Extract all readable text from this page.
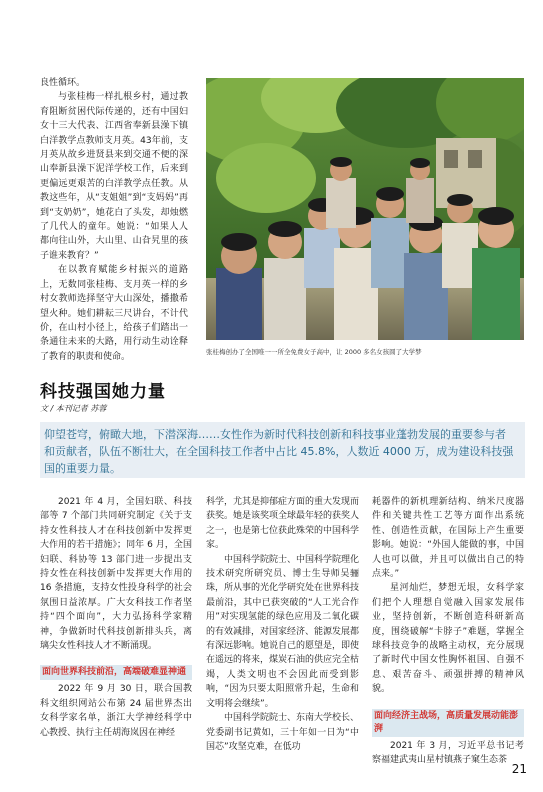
良性循环。

与张桂梅一样扎根乡村，通过教育阻断贫困代际传递的，还有中国妇女十三大代表、江西省奉新县澡下镇白洋教学点教师支月英。43年前，支月英从故乡进贤县来到交通不便的深山奉新县澡下泥洋学校工作，后来到更偏远更艰苦的白洋教学点任教。从教这些年，从“支姐姐”到“支妈妈”再到“支奶奶”，她花白了头发，却烛燃了几代人的童年。她说：“如果人人都向往山外，大山里、山旮旯里的孩子谁来教育？”

在以教育赋能乡村振兴的道路上，无数同张桂梅、支月英一样的乡村女教师选择坚守大山深处，播撒希望火种。她们耕耘三尺讲台，不计代价，在山村小径上，给孩子们踏出一条通往未来的大路，用行动生动诠释了教育的职责和使命。	张桂梅创办了全国唯一一所全免费女子高中，让 2000 多名女孩圆了大学梦
科技强国她力量
文 / 本刊记者 苏蓉
仰望苍穹，俯瞰大地，下潜深海……女性作为新时代科技创新和科技事业蓬勃发展的重要参与者和贡献者，队伍不断壮大，在全国科技工作者中占比 45.8%，人数近 4000 万，成为建设科技强国的重要力量。

2021 年 4 月，全国妇联、科技部等 7 个部门共同研究制定《关于支持女性科技人才在科技创新中发挥更大作用的若干措施》；同年 6 月，全国妇联、科协等 13 部门进一步提出支持女性在科技创新中发挥更大作用的 16 条措施，支持女性投身科学的社会氛围日益浓厚。广大女科技工作者坚持“四个面向”，大力弘扬科学家精神，争做新时代科技创新排头兵，离璃尖女性科技人才不断涌现。

面向世界科技前沿，高端破难显神通

2022 年 9 月 30 日，联合国教科文组织网站公布第 24 届世界杰出女科学家名单，浙江大学神经科学中心教授、执行主任胡海岚因在神经

科学，尤其是抑郁症方面的重大发现而获奖。她是该奖项全球最年轻的获奖人之一，也是第七位获此殊荣的中国科学家。

中国科学院院士、中国科学院理化技术研究所研究员、博士生导师吴骊珠，所从事的光化学研究处在世界科技最前沿，其中已获突破的“人工光合作用”对实现氢能的绿色应用及二氧化碳的有效减排，对国家经济、能源发展都有深远影响。她说自己的愿望是，即使在遥远的将来，煤炭石油的供应完全枯竭，人类文明也不会因此而受到影响，“因为只要太阳照常升起，生命和文明将会继续”。

中国科学院院士、东南大学校长、党委副书记黄如，三十年如一日为“中国芯”攻坚克难，在低功

耗器件的新机理新结构、纳米尺度器件和关键共性工艺等方面作出系统性、创造性贡献，在国际上产生重要影响。她说：“外国人能做的事，中国人也可以做，并且可以做出自己的特点来。”

星河灿烂，梦想无垠，女科学家们把个人理想自觉融入国家发展伟业，坚持创新，不断创造科研新高度，围绕破解“卡脖子”难题，掌握全球科技竞争的战略主动权，充分展现了新时代中国女性胸怀祖国、自强不息、艰苦奋斗、顽强拼搏的精神风貌。

面向经济主战场，高质量发展动能澎湃

2021 年 3 月，习近平总书记考察福建武夷山星村镇燕子窠生态茶

21
